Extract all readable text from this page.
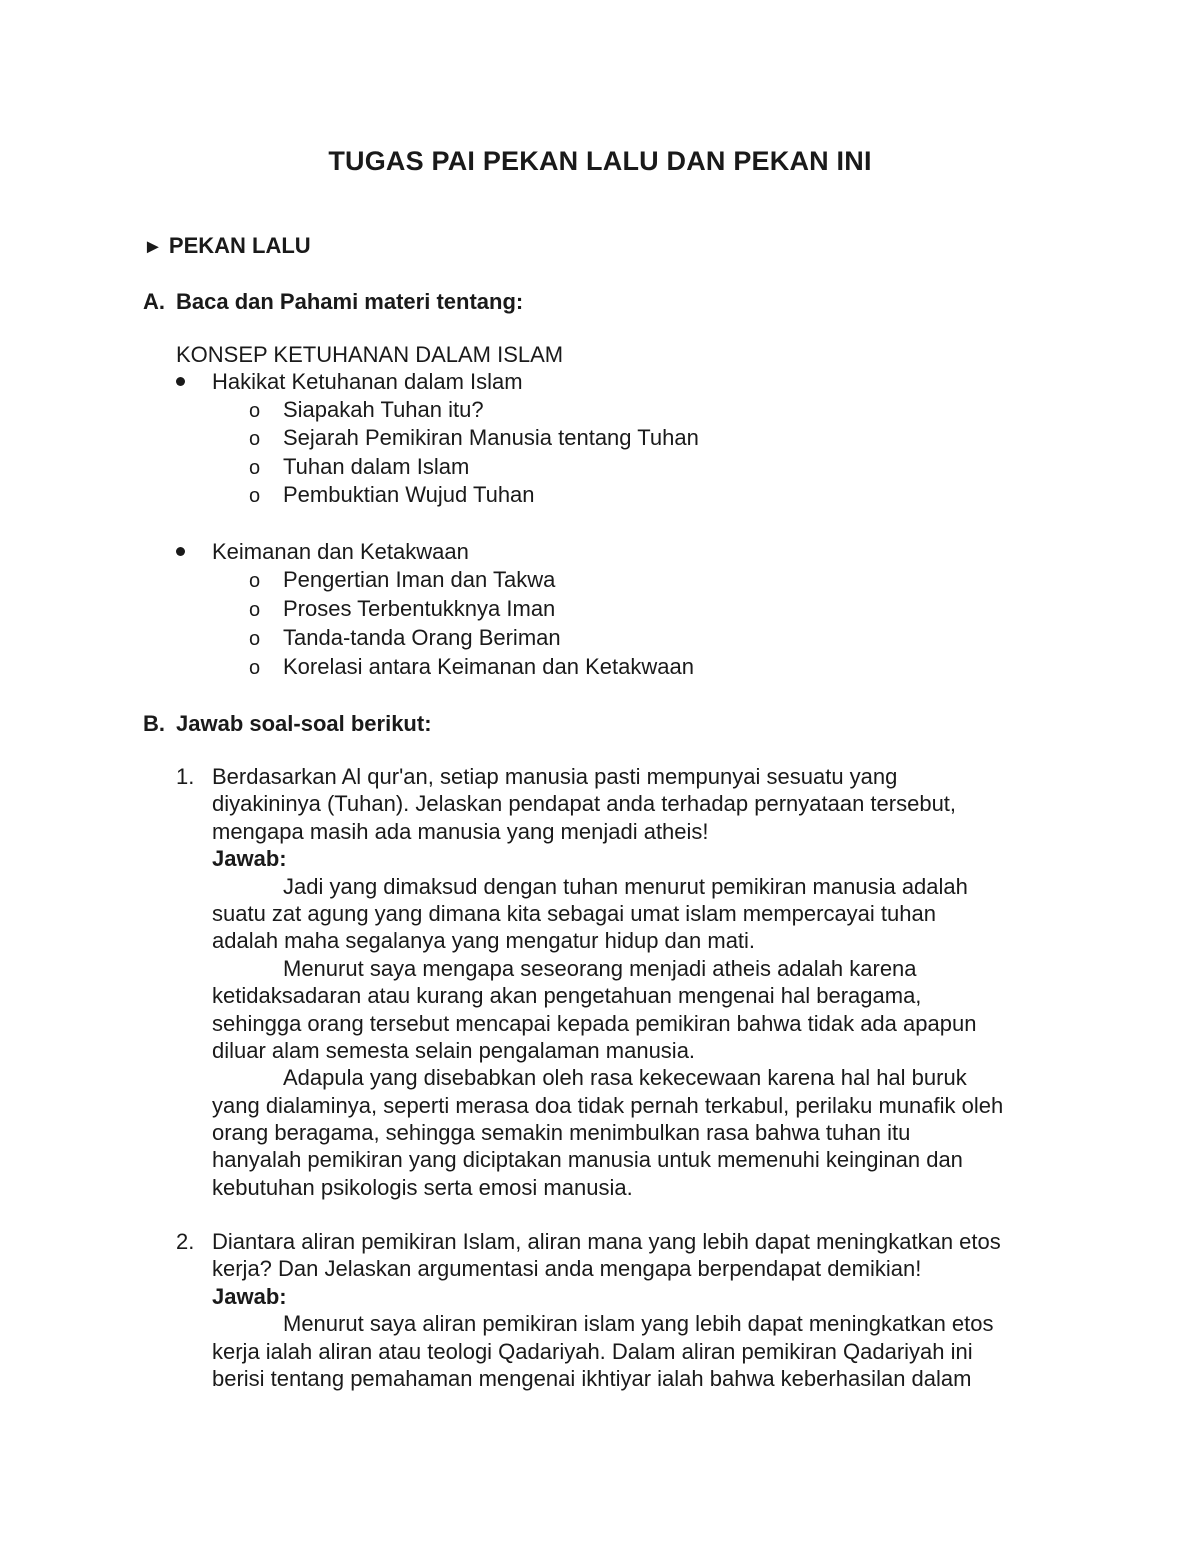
TUGAS PAI PEKAN LALU DAN PEKAN INI
► PEKAN LALU
A. Baca dan Pahami materi tentang:
KONSEP KETUHANAN DALAM ISLAM
Hakikat Ketuhanan dalam Islam
o Siapakah Tuhan itu?
o Sejarah Pemikiran Manusia tentang Tuhan
o Tuhan dalam Islam
o Pembuktian Wujud Tuhan
Keimanan dan Ketakwaan
o Pengertian Iman dan Takwa
o Proses Terbentukknya Iman
o Tanda-tanda Orang Beriman
o Korelasi antara Keimanan dan Ketakwaan
B. Jawab soal-soal berikut:
1. Berdasarkan Al qur'an, setiap manusia pasti mempunyai sesuatu yang
diyakininya (Tuhan). Jelaskan pendapat anda terhadap pernyataan tersebut,
mengapa masih ada manusia yang menjadi atheis!
Jawab:
Jadi yang dimaksud dengan tuhan menurut pemikiran manusia adalah
suatu zat agung yang dimana kita sebagai umat islam mempercayai tuhan
adalah maha segalanya yang mengatur hidup dan mati.
Menurut saya mengapa seseorang menjadi atheis adalah karena
ketidaksadaran atau kurang akan pengetahuan mengenai hal beragama,
sehingga orang tersebut mencapai kepada pemikiran bahwa tidak ada apapun
diluar alam semesta selain pengalaman manusia.
Adapula yang disebabkan oleh rasa kekecewaan karena hal hal buruk
yang dialaminya, seperti merasa doa tidak pernah terkabul, perilaku munafik oleh
orang beragama, sehingga semakin menimbulkan rasa bahwa tuhan itu
hanyalah pemikiran yang diciptakan manusia untuk memenuhi keinginan dan
kebutuhan psikologis serta emosi manusia.
2. Diantara aliran pemikiran Islam, aliran mana yang lebih dapat meningkatkan etos
kerja? Dan Jelaskan argumentasi anda mengapa berpendapat demikian!
Jawab:
Menurut saya aliran pemikiran islam yang lebih dapat meningkatkan etos
kerja ialah aliran atau teologi Qadariyah. Dalam aliran pemikiran Qadariyah ini
berisi tentang pemahaman mengenai ikhtiyar ialah bahwa keberhasilan dalam
